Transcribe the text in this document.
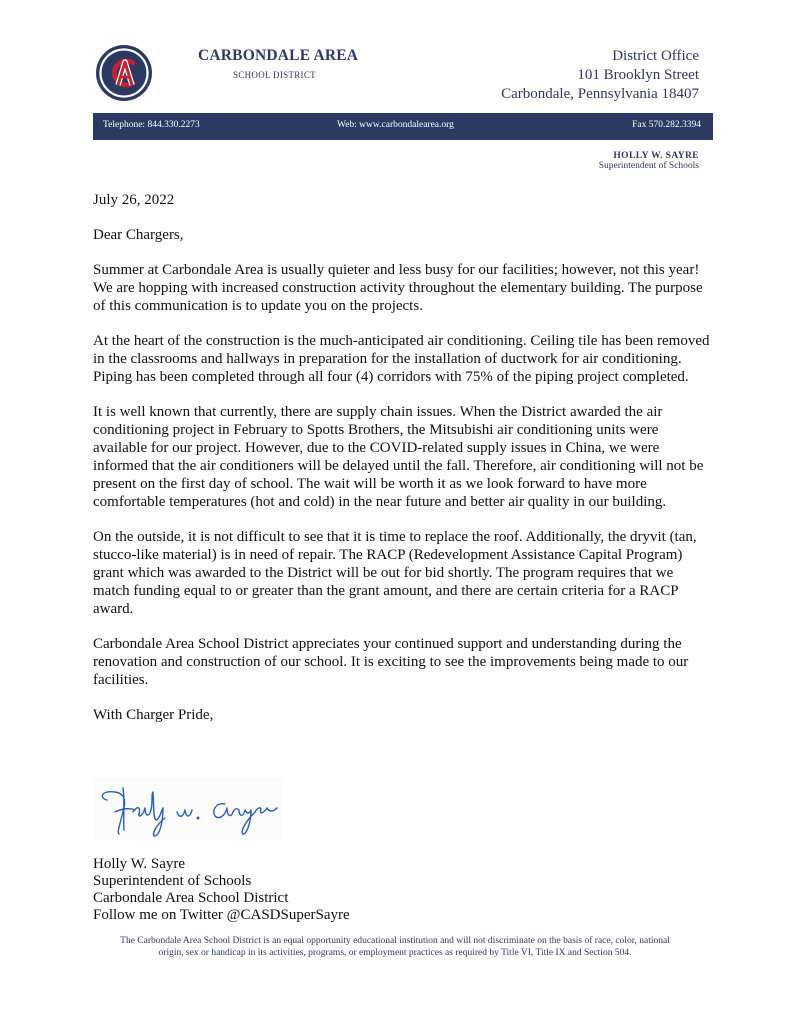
CARBONDALE AREA
SCHOOL DISTRICT
District Office
101 Brooklyn Street
Carbondale, Pennsylvania 18407
Telephone: 844.330.2273	Web: www.carbondalearea.org	Fax 570.282.3394
HOLLY W. SAYRE
Superintendent of Schools

July 26, 2022

Dear Chargers,

Summer at Carbondale Area is usually quieter and less busy for our facilities; however, not this year! We are hopping with increased construction activity throughout the elementary building. The purpose of this communication is to update you on the projects.

At the heart of the construction is the much-anticipated air conditioning. Ceiling tile has been removed in the classrooms and hallways in preparation for the installation of ductwork for air conditioning. Piping has been completed through all four (4) corridors with 75% of the piping project completed.

It is well known that currently, there are supply chain issues. When the District awarded the air conditioning project in February to Spotts Brothers, the Mitsubishi air conditioning units were available for our project. However, due to the COVID-related supply issues in China, we were informed that the air conditioners will be delayed until the fall. Therefore, air conditioning will not be present on the first day of school. The wait will be worth it as we look forward to have more comfortable temperatures (hot and cold) in the near future and better air quality in our building.

On the outside, it is not difficult to see that it is time to replace the roof. Additionally, the dryvit (tan, stucco-like material) is in need of repair. The RACP (Redevelopment Assistance Capital Program) grant which was awarded to the District will be out for bid shortly. The program requires that we match funding equal to or greater than the grant amount, and there are certain criteria for a RACP award.

Carbondale Area School District appreciates your continued support and understanding during the renovation and construction of our school. It is exciting to see the improvements being made to our facilities.

With Charger Pride,

Holly W. Sayre
Superintendent of Schools
Carbondale Area School District
Follow me on Twitter @CASDSuperSayre
The Carbondale Area School District is an equal opportunity educational institution and will not discriminate on the basis of race, color, national
origin, sex or handicap in its activities, programs, or employment practices as required by Title VI, Title IX and Section 504.
